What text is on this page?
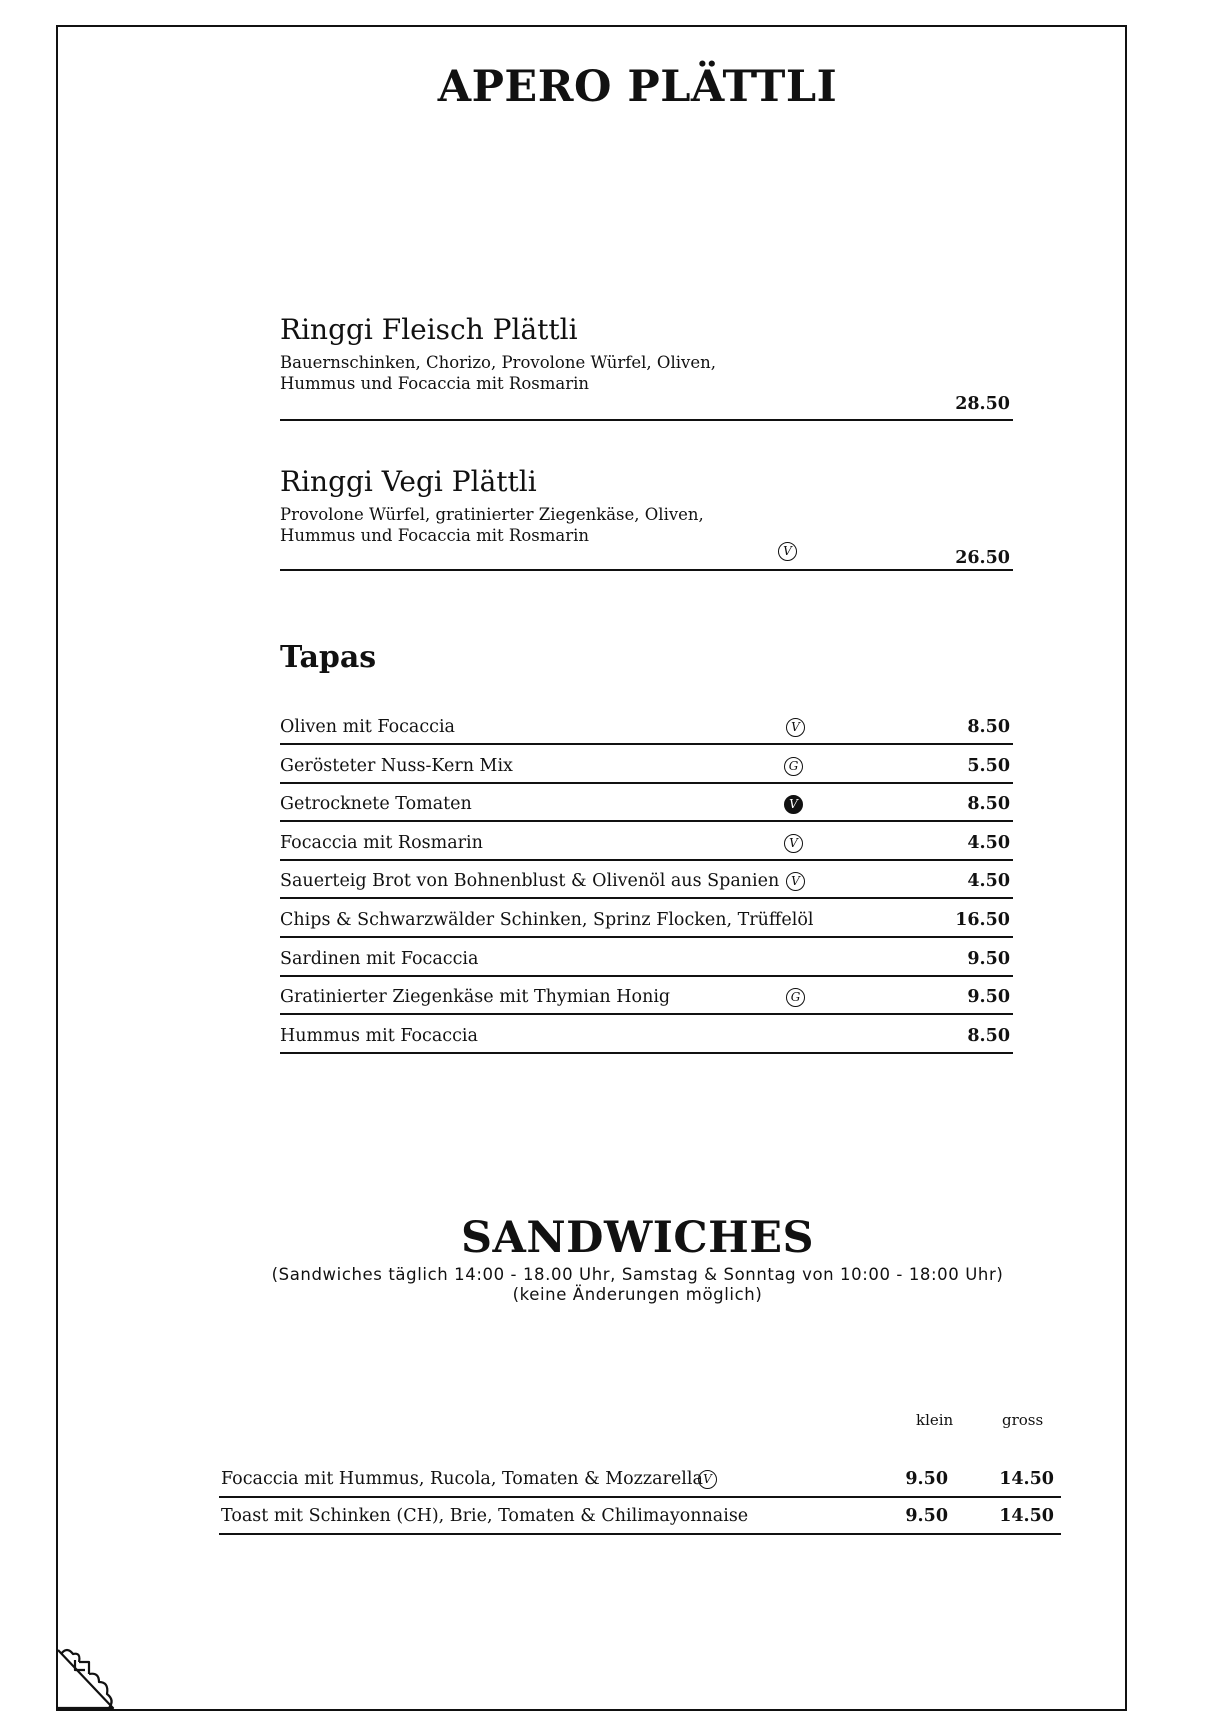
APERO PLÄTTLI
Ringgi Fleisch Plättli
Bauernschinken, Chorizo, Provolone Würfel, Oliven,
Hummus und Focaccia mit Rosmarin
28.50
Ringgi Vegi Plättli
Provolone Würfel, gratinierter Ziegenkäse, Oliven,
Hummus und Focaccia mit Rosmarin
V	26.50
Tapas
Oliven mit Focaccia	V	8.50
Gerösteter Nuss-Kern Mix	G	5.50
Getrocknete Tomaten	V	8.50
Focaccia mit Rosmarin	V	4.50
Sauerteig Brot von Bohnenblust & Olivenöl aus Spanien V	4.50
Chips & Schwarzwälder Schinken, Sprinz Flocken, Trüffelöl	16.50
Sardinen mit Focaccia	9.50
Gratinierter Ziegenkäse mit Thymian Honig	G	9.50
Hummus mit Focaccia	8.50
SANDWICHES
(Sandwiches täglich 14:00 - 18.00 Uhr, Samstag & Sonntag von 10:00 - 18:00 Uhr)
(keine Änderungen möglich)
klein	gross
Focaccia mit Hummus, Rucola, Tomaten & Mozzarella V	9.50	14.50
Toast mit Schinken (CH), Brie, Tomaten & Chilimayonnaise	9.50	14.50
